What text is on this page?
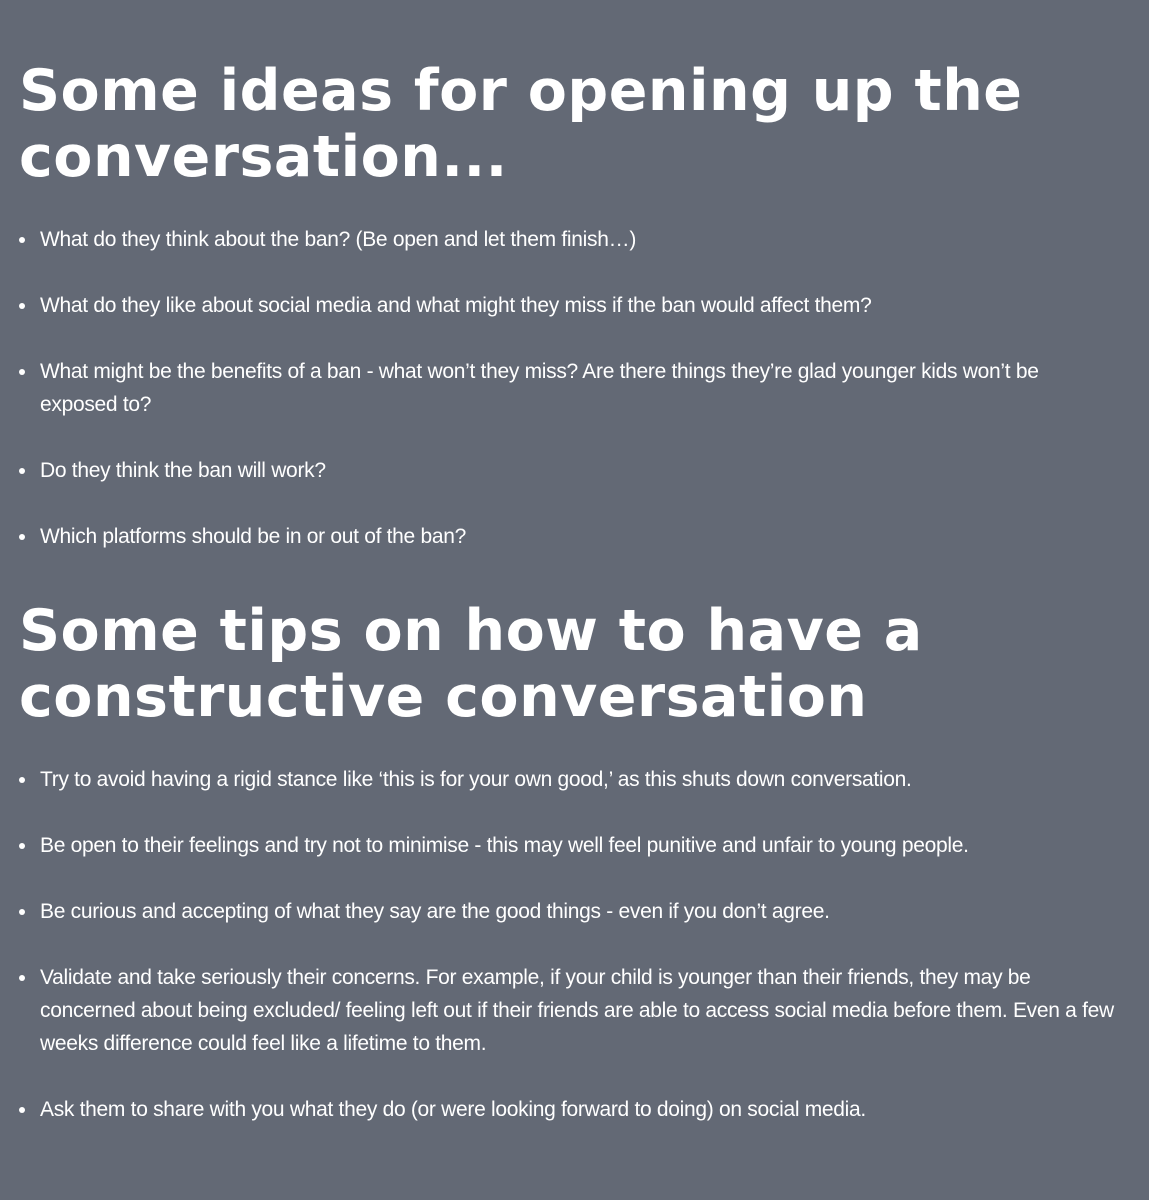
Some ideas for opening up the conversation...
What do they think about the ban? (Be open and let them finish…)
What do they like about social media and what might they miss if the ban would affect them?
What might be the benefits of a ban - what won’t they miss? Are there things they’re glad younger kids won’t be exposed to?
Do they think the ban will work?
Which platforms should be in or out of the ban?
Some tips on how to have a constructive conversation
Try to avoid having a rigid stance like ‘this is for your own good,’ as this shuts down conversation.
Be open to their feelings and try not to minimise - this may well feel punitive and unfair to young people.
Be curious and accepting of what they say are the good things - even if you don’t agree.
Validate and take seriously their concerns. For example, if your child is younger than their friends, they may be concerned about being excluded/ feeling left out if their friends are able to access social media before them. Even a few weeks difference could feel like a lifetime to them.
Ask them to share with you what they do (or were looking forward to doing) on social media.
